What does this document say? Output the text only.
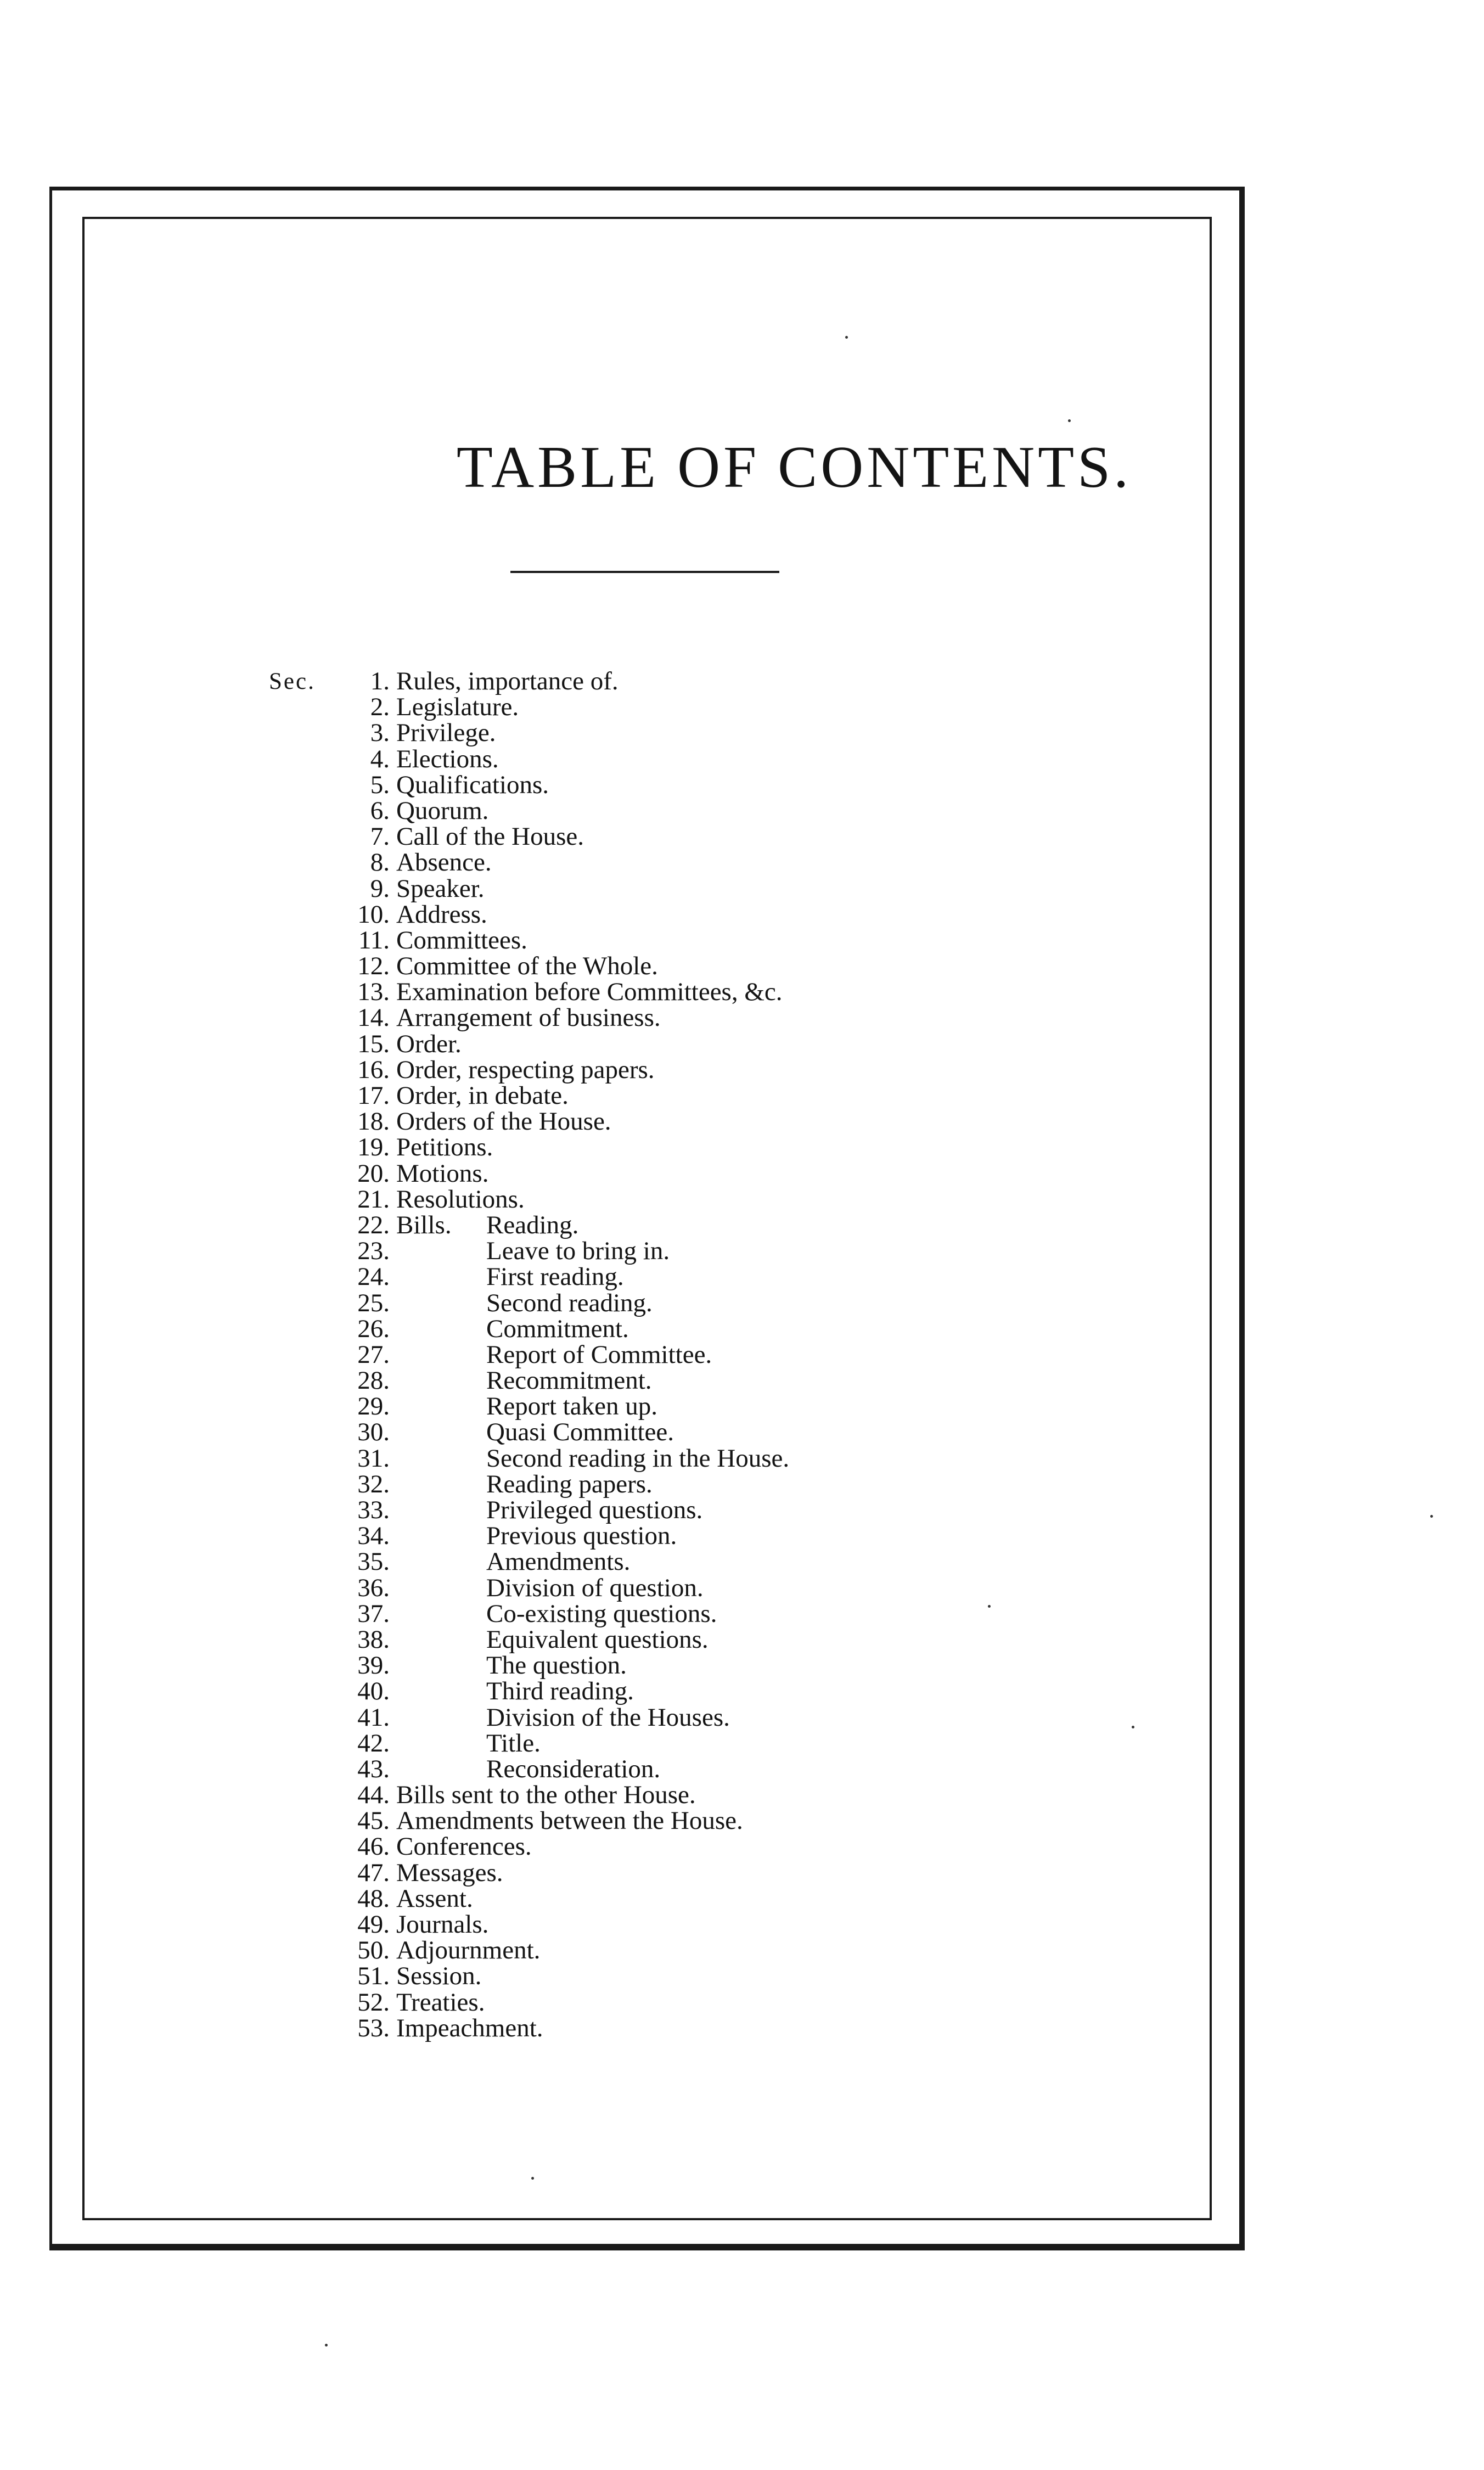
TABLE OF CONTENTS.
Sec. 1. Rules, importance of.
2. Legislature.
3. Privilege.
4. Elections.
5. Qualifications.
6. Quorum.
7. Call of the House.
8. Absence.
9. Speaker.
10. Address.
11. Committees.
12. Committee of the Whole.
13. Examination before Committees, &c.
14. Arrangement of business.
15. Order.
16. Order, respecting papers.
17. Order, in debate.
18. Orders of the House.
19. Petitions.
20. Motions.
21. Resolutions.
22. Bills. Reading.
23.	Leave to bring in.
24.	First reading.
25.	Second reading.
26.	Commitment.
27.	Report of Committee.
28.	Recommitment.
29.	Report taken up.
30.	Quasi Committee.
31.	Second reading in the House.
32.	Reading papers.
33.	Privileged questions.
34.	Previous question.
35.	Amendments.
36.	Division of question.
37.	Co-existing questions.
38.	Equivalent questions.
39.	The question.
40.	Third reading.
41.	Division of the Houses.
42.	Title.
43.	Reconsideration.
44. Bills sent to the other House.
45. Amendments between the House.
46. Conferences.
47. Messages.
48. Assent.
49. Journals.
50. Adjournment.
51. Session.
52. Treaties.
53. Impeachment.
